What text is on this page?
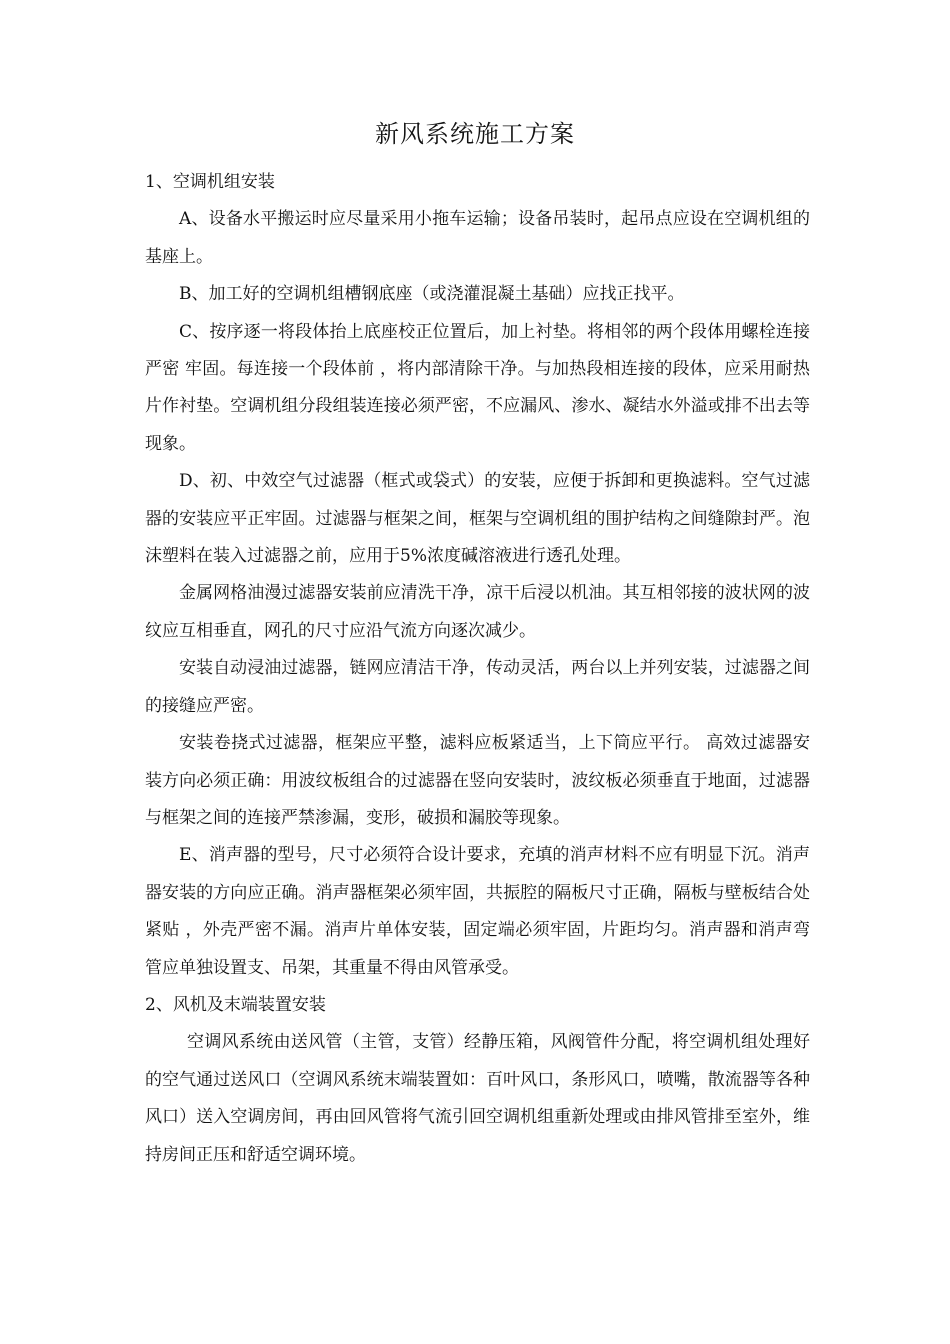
新风系统施工方案

1、空调机组安装

A、设备水平搬运时应尽量采用小拖车运输；设备吊装时，起吊点应设在空调机组的基座上。

B、加工好的空调机组槽钢底座（或浇灌混凝土基础）应找正找平。

C、按序逐一将段体抬上底座校正位置后，加上衬垫。将相邻的两个段体用螺栓连接严密 牢固。每连接一个段体前 ，将内部清除干净。与加热段相连接的段体，应采用耐热片作衬垫。空调机组分段组装连接必须严密，不应漏风、渗水、凝结水外溢或排不出去等现象。

D、初、中效空气过滤器（框式或袋式）的安装，应便于拆卸和更换滤料。空气过滤器的安装应平正牢固。过滤器与框架之间，框架与空调机组的围护结构之间缝隙封严。泡沫塑料在装入过滤器之前，应用于5%浓度碱溶液进行透孔处理。

金属网格油漫过滤器安装前应清洗干净，凉干后浸以机油。其互相邻接的波状网的波纹应互相垂直，网孔的尺寸应沿气流方向逐次减少。

安装自动浸油过滤器，链网应清洁干净，传动灵活，两台以上并列安装，过滤器之间的接缝应严密。

安装卷挠式过滤器，框架应平整，滤料应板紧适当，上下筒应平行。 高效过滤器安装方向必须正确：用波纹板组合的过滤器在竖向安装时，波纹板必须垂直于地面，过滤器与框架之间的连接严禁渗漏，变形，破损和漏胶等现象。

E、消声器的型号，尺寸必须符合设计要求，充填的消声材料不应有明显下沉。消声器安装的方向应正确。消声器框架必须牢固，共振腔的隔板尺寸正确，隔板与壁板结合处紧贴 ，外壳严密不漏。消声片单体安装，固定端必须牢固，片距均匀。消声器和消声弯管应单独设置支、吊架，其重量不得由风管承受。

2、风机及末端装置安装

空调风系统由送风管（主管，支管）经静压箱，风阀管件分配，将空调机组处理好的空气通过送风口（空调风系统末端装置如：百叶风口，条形风口，喷嘴，散流器等各种风口）送入空调房间，再由回风管将气流引回空调机组重新处理或由排风管排至室外，维持房间正压和舒适空调环境。
